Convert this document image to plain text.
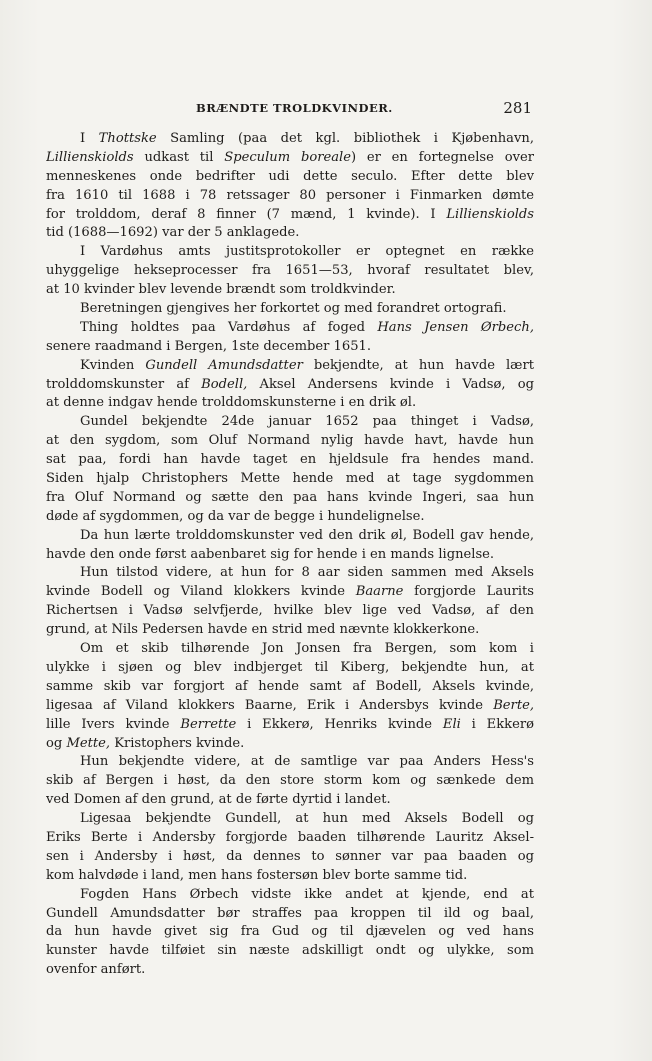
BRÆNDTE TROLDKVINDER.	281
I Thottske Samling (paa det kgl. bibliothek i Kjøbenhavn,
Lillienskiolds udkast til Speculum boreale) er en fortegnelse over
menneskenes onde bedrifter udi dette seculo. Efter dette blev
fra 1610 til 1688 i 78 retssager 80 personer i Finmarken dømte
for trolddom, deraf 8 finner (7 mænd, 1 kvinde). I Lillienskiolds
tid (1688—1692) var der 5 anklagede.
I Vardøhus amts justitsprotokoller er optegnet en række
uhyggelige hekseprocesser fra 1651—53, hvoraf resultatet blev,
at 10 kvinder blev levende brændt som troldkvinder.
Beretningen gjengives her forkortet og med forandret ortografi.
Thing holdtes paa Vardøhus af foged Hans Jensen Ørbech,
senere raadmand i Bergen, 1ste december 1651.
Kvinden Gundell Amundsdatter bekjendte, at hun havde lært
trolddomskunster af Bodell, Aksel Andersens kvinde i Vadsø, og
at denne indgav hende trolddomskunsterne i en drik øl.
Gundel bekjendte 24de januar 1652 paa thinget i Vadsø,
at den sygdom, som Oluf Normand nylig havde havt, havde hun
sat paa, fordi han havde taget en hjeldsule fra hendes mand.
Siden hjalp Christophers Mette hende med at tage sygdommen
fra Oluf Normand og sætte den paa hans kvinde Ingeri, saa hun
døde af sygdommen, og da var de begge i hundelignelse.
Da hun lærte trolddomskunster ved den drik øl, Bodell gav hende,
havde den onde først aabenbaret sig for hende i en mands lignelse.
Hun tilstod videre, at hun for 8 aar siden sammen med Aksels
kvinde Bodell og Viland klokkers kvinde Baarne forgjorde Laurits
Richertsen i Vadsø selvfjerde, hvilke blev lige ved Vadsø, af den
grund, at Nils Pedersen havde en strid med nævnte klokkerkone.
Om et skib tilhørende Jon Jonsen fra Bergen, som kom i
ulykke i sjøen og blev indbjerget til Kiberg, bekjendte hun, at
samme skib var forgjort af hende samt af Bodell, Aksels kvinde,
ligesaa af Viland klokkers Baarne, Erik i Andersbys kvinde Berte,
lille Ivers kvinde Berrette i Ekkerø, Henriks kvinde Eli i Ekkerø
og Mette, Kristophers kvinde.
Hun bekjendte videre, at de samtlige var paa Anders Hess's
skib af Bergen i høst, da den store storm kom og sænkede dem
ved Domen af den grund, at de førte dyrtid i landet.
Ligesaa bekjendte Gundell, at hun med Aksels Bodell og
Eriks Berte i Andersby forgjorde baaden tilhørende Lauritz Aksel-
sen i Andersby i høst, da dennes to sønner var paa baaden og
kom halvdøde i land, men hans fostersøn blev borte samme tid.
Fogden Hans Ørbech vidste ikke andet at kjende, end at
Gundell Amundsdatter bør straffes paa kroppen til ild og baal,
da hun havde givet sig fra Gud og til djævelen og ved hans
kunster havde tilføiet sin næste adskilligt ondt og ulykke, som
ovenfor anført.
